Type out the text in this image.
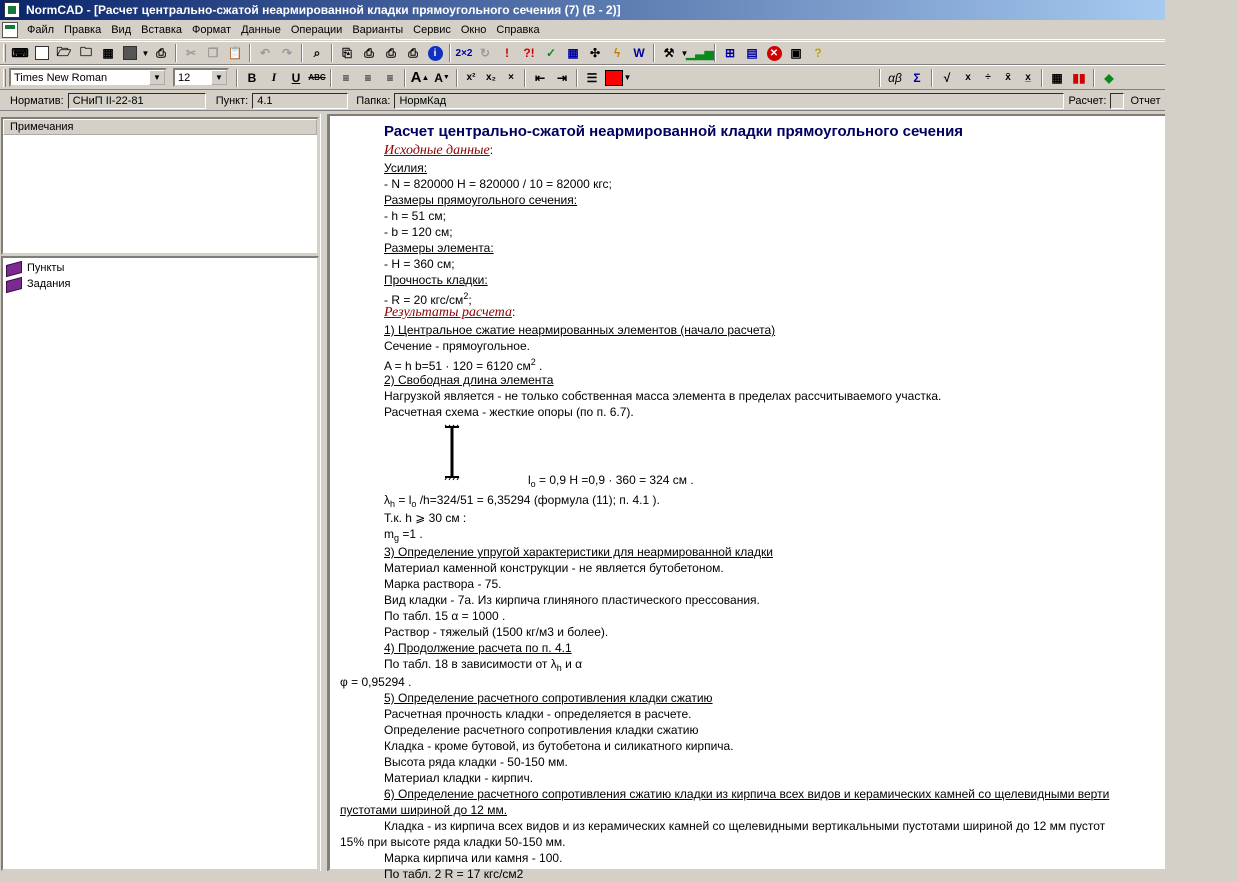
NormCAD - [Расчет центрально-сжатой неармированной кладки прямоугольного сечения (7) (В - 2)]
Файл Правка Вид Вставка Формат Данные Операции Варианты Сервис Окно Справка
⌨ 🗁 🗀 ▦	▼ ⎙	✂ ❐ 📋	↶ ↷	⌕	⎘	⎙	⎙	⎙	i	2×2 ↻	!	?! ✓ ▦ ✣	ϟ	W	⚒ ▼
▁▃▅ ⊞ ▤	✕	▣	?
Times New Roman	▼	12	▼	B	I	U	ABC	≡	≡	≡	A ▲ A ▼	x²	x₂	×	⇤ ⇥	☰	▼	αβ Σ	√	x	÷	x̄	x̲	▦ ▮▮	◆
Норматив: СНиП II-22-81	Пункт: 4.1	Папка: НормКад	Расчет:	Отчет
Примечания
Пункты
Задания
Расчет центрально-сжатой неармированной кладки прямоугольного сечения
Исходные данные:
Усилия:
- N = 820000 Н = 820000 / 10 = 82000 кгс;
Размеры прямоугольного сечения:
- h = 51 см;
- b = 120 см;
Размеры элемента:
- H = 360 см;
Прочность кладки:
- R = 20 кгс/$см^2$;
Результаты расчета:
1) Центральное сжатие неармированных элементов (начало расчета)
Сечение - прямоугольное.
A = h b=51 · 120 = 6120 $см^2$ .
2) Свободная длина элемента
Нагрузкой является - не только собственная масса элемента в пределах рассчитываемого участка.
Расчетная схема - жесткие опоры (по п. 6.7).
$l_o = 0,9$ H =0,9 · 360 = 324 см .
$\lambda_h = l_o$ /h=324/51 = 6,35294 (формула (11); п. 4.1 ).
Т.к. h ⩾ 30 см :
$m_g =1$ .
3) Определение упругой характеристики для неармированной кладки
Материал каменной конструкции - не является бутобетоном.
Марка раствора - 75.
Вид кладки - 7а. Из кирпича глиняного пластического прессования.
По табл. 15 α = 1000 .
Раствор - тяжелый (1500 кг/м3 и более).
4) Продолжение расчета по п. 4.1
По табл. 18 в зависимости от $\lambda_h$ и α
φ = 0,95294 .
5) Определение расчетного сопротивления кладки сжатию
Расчетная прочность кладки - определяется в расчете.
Определение расчетного сопротивления кладки сжатию
Кладка - кроме бутовой, из бутобетона и силикатного кирпича.
Высота ряда кладки - 50-150 мм.
Материал кладки - кирпич.
6) Определение расчетного сопротивления сжатию кладки из кирпича всех видов и керамических камней со щелевидными верти
пустотами шириной до 12 мм.
Кладка - из кирпича всех видов и из керамических камней со щелевидными вертикальными пустотами шириной до 12 мм пустот
15% при высоте ряда кладки 50-150 мм.
Марка кирпича или камня - 100.
По табл. 2 R = 17 кгс/см2
